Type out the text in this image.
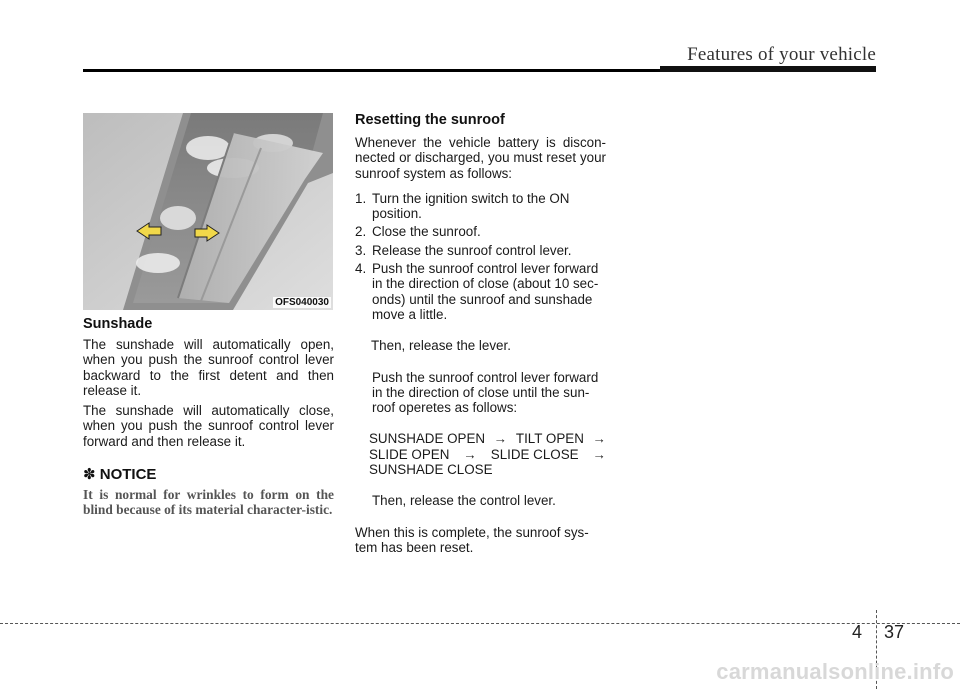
Features of your vehicle
OFS040030
Sunshade

The sunshade will automatically open, when you push the sunroof control lever backward to the first detent and then release it.

The sunshade will automatically close, when you push the sunroof control lever forward and then release it.

✽ NOTICE
It is normal for wrinkles to form on the blind because of its material character-istic.
Resetting the sunroof

Whenever the vehicle battery is discon-nected or discharged, you must reset your sunroof system as follows:

1. Turn the ignition switch to the ON position.
2. Close the sunroof.
3. Release the sunroof control lever.
4. Push the sunroof control lever forward in the direction of close (about 10 sec-onds) until the sunroof and sunshade move a little.
Then, release the lever.
Push the sunroof control lever forward in the direction of close until the sun-roof operetes as follows:
SUNSHADE OPEN → TILT OPEN →
SLIDE OPEN → SLIDE CLOSE →
SUNSHADE CLOSE
Then, release the control lever.
When this is complete, the sunroof sys-tem has been reset.
4 37
carmanualsonline.info
